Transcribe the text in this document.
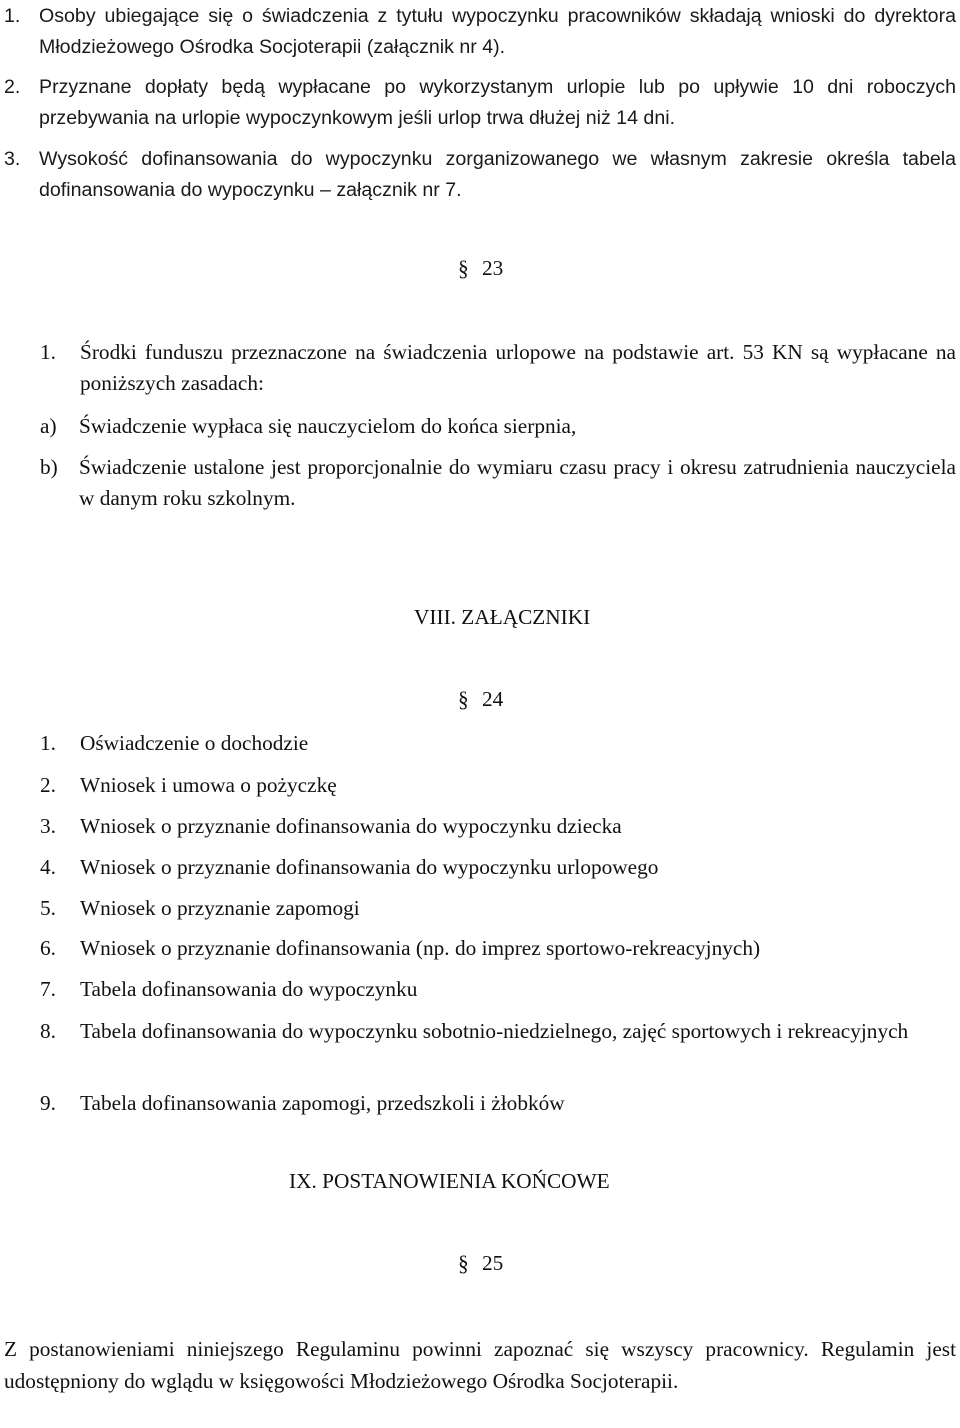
1. Osoby ubiegające się o świadczenia z tytułu wypoczynku pracowników składają wnioski do dyrektora Młodzieżowego Ośrodka Socjoterapii (załącznik nr 4).
2. Przyznane dopłaty będą wypłacane po wykorzystanym urlopie lub po upływie 10 dni roboczych przebywania na urlopie wypoczynkowym jeśli urlop trwa dłużej niż 14 dni.
3. Wysokość dofinansowania do wypoczynku zorganizowanego we własnym zakresie określa tabela dofinansowania do wypoczynku – załącznik nr 7.
§ 23
1. Środki funduszu przeznaczone na świadczenia urlopowe na podstawie art. 53 KN są wypłacane na poniższych zasadach:
a) Świadczenie wypłaca się nauczycielom do końca sierpnia,
b) Świadczenie ustalone jest proporcjonalnie do wymiaru czasu pracy i okresu zatrudnienia nauczyciela w danym roku szkolnym.
VIII. ZAŁĄCZNIKI
§ 24
1. Oświadczenie o dochodzie
2. Wniosek i umowa o pożyczkę
3. Wniosek o przyznanie dofinansowania do wypoczynku dziecka
4. Wniosek o przyznanie dofinansowania do wypoczynku urlopowego
5. Wniosek o przyznanie zapomogi
6. Wniosek o przyznanie dofinansowania (np. do imprez sportowo-rekreacyjnych)
7. Tabela dofinansowania do wypoczynku
8. Tabela dofinansowania do wypoczynku sobotnio-niedzielnego, zajęć sportowych i rekreacyjnych
9. Tabela dofinansowania zapomogi, przedszkoli i żłobków
IX. POSTANOWIENIA KOŃCOWE
§ 25
Z postanowieniami niniejszego Regulaminu powinni zapoznać się wszyscy pracownicy. Regulamin jest udostępniony do wglądu w księgowości Młodzieżowego Ośrodka Socjoterapii.
